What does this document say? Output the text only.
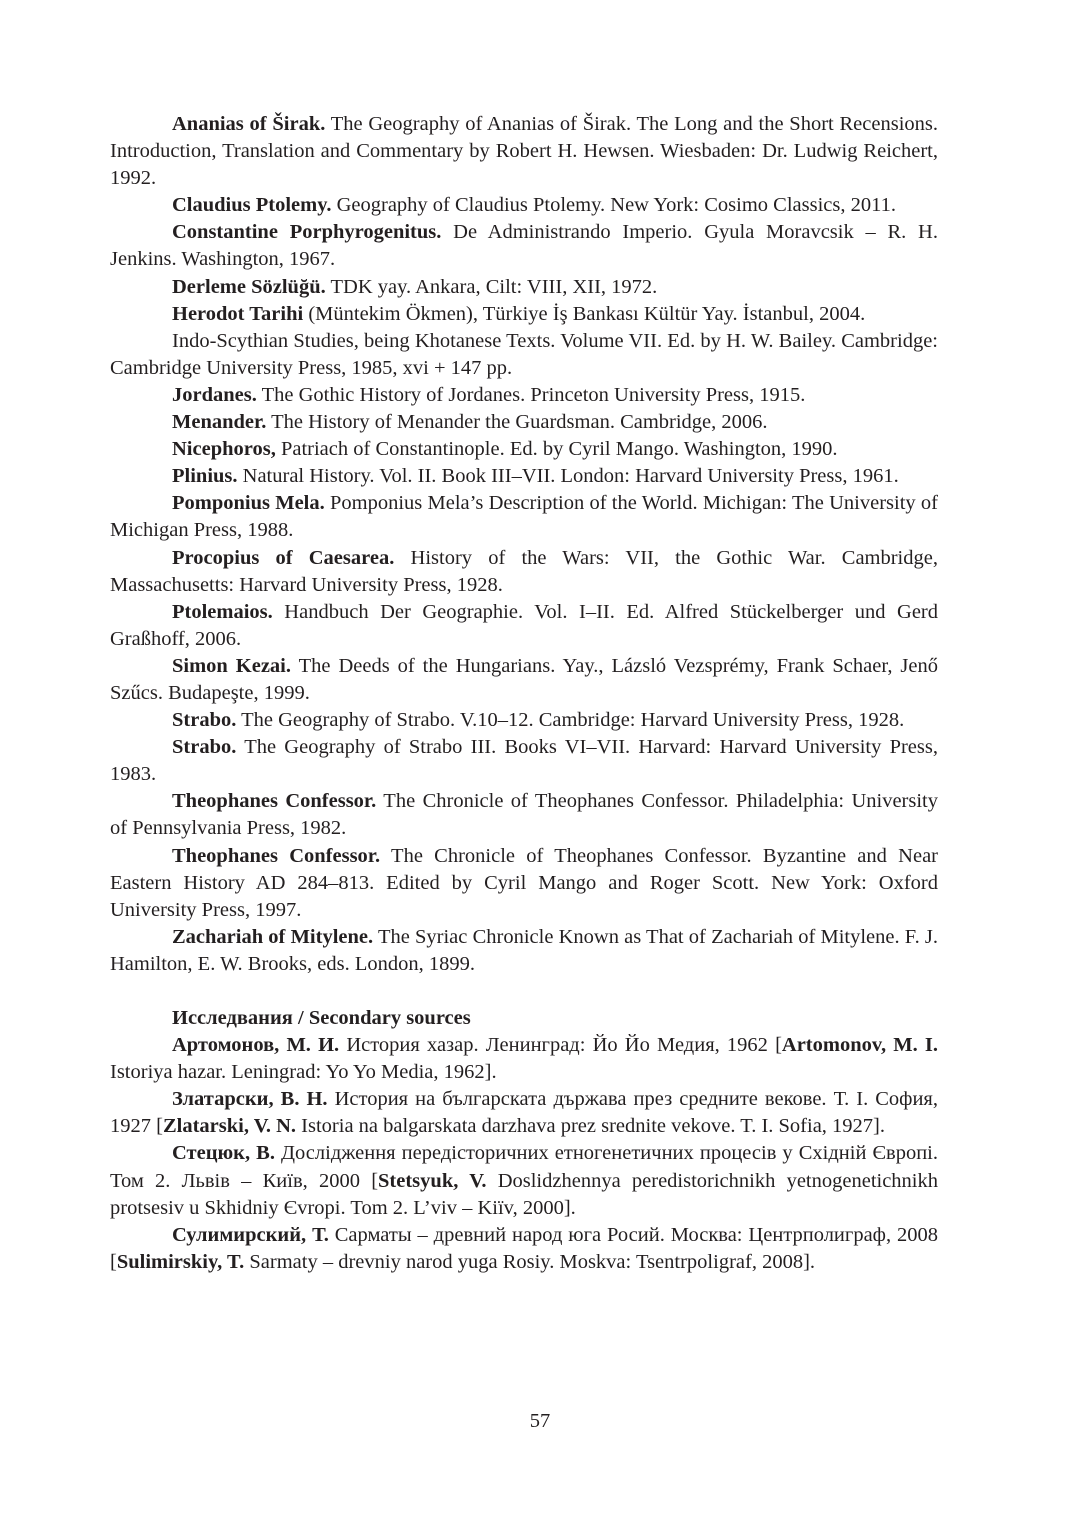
Ananias of Širak. The Geography of Ananias of Širak. The Long and the Short Recensions. Introduction, Translation and Commentary by Robert H. Hewsen. Wiesbaden: Dr. Ludwig Reichert, 1992.

Claudius Ptolemy. Geography of Claudius Ptolemy. New York: Cosimo Classics, 2011.

Constantine Porphyrogenitus. De Administrando Imperio. Gyula Moravcsik – R. H. Jenkins. Washington, 1967.

Derleme Sözlüğü. TDK yay. Ankara, Cilt: VIII, XII, 1972.

Herodot Tarihi (Müntekim Ökmen), Türkiye İş Bankası Kültür Yay. İstanbul, 2004.

Indo-Scythian Studies, being Khotanese Texts. Volume VII. Ed. by H. W. Bailey. Cambridge: Cambridge University Press, 1985, xvi + 147 pp.

Jordanes. The Gothic History of Jordanes. Princeton University Press, 1915.

Menander. The History of Menander the Guardsman. Cambridge, 2006.

Nicephoros, Patriach of Constantinople. Ed. by Cyril Mango. Washington, 1990.

Plinius. Natural History. Vol. II. Book III–VII. London: Harvard University Press, 1961.

Pomponius Mela. Pomponius Mela’s Description of the World. Michigan: The University of Michigan Press, 1988.

Procopius of Caesarea. History of the Wars: VII, the Gothic War. Cambridge, Massachusetts: Harvard University Press, 1928.

Ptolemaios. Handbuch Der Geographie. Vol. I–II. Ed. Alfred Stückelberger und Gerd Graßhoff, 2006.

Simon Kezai. The Deeds of the Hungarians. Yay., Lázsló Vezsprémy, Frank Schaer, Jenő Szűcs. Budapeşte, 1999.

Strabo. The Geography of Strabo. V.10–12. Cambridge: Harvard University Press, 1928.

Strabo. The Geography of Strabo III. Books VI–VII. Harvard: Harvard University Press, 1983.

Theophanes Confessor. The Chronicle of Theophanes Confessor. Philadelphia: University of Pennsylvania Press, 1982.

Theophanes Confessor. The Chronicle of Theophanes Confessor. Byzantine and Near Eastern History AD 284–813. Edited by Cyril Mango and Roger Scott. New York: Oxford University Press, 1997.

Zachariah of Mitylene. The Syriac Chronicle Known as That of Zachariah of Mitylene. F. J. Hamilton, E. W. Brooks, eds. London, 1899.

Исследвания / Secondary sources

Артомонов, М. И. История хазар. Ленинград: Йо Йо Медия, 1962 [Artomonov, M. I. Istoriya hazar. Leningrad: Yo Yo Media, 1962].

Златарски, В. Н. История на българската държава през средните векове. Т. І. София, 1927 [Zlatarski, V. N. Istoria na balgarskata darzhava prez srednite vekove. T. I. Sofia, 1927].

Стецюк, В. Дослідження передісторичних етногенетичних процесів у Східній Європі. Том 2. Львів – Київ, 2000 [Stetsyuk, V. Doslidzhennya peredistorichnikh yetnogenetichnikh protsesiv u Skhidniy Єvropi. Tom 2. L’viv – Kiïv, 2000].

Сулимирский, Т. Сарматы – древний народ юга Росий. Москва: Центрполиграф, 2008 [Sulimirskiy, T. Sarmaty – drevniy narod yuga Rosiy. Moskva: Tsentrpoligraf, 2008].

57
